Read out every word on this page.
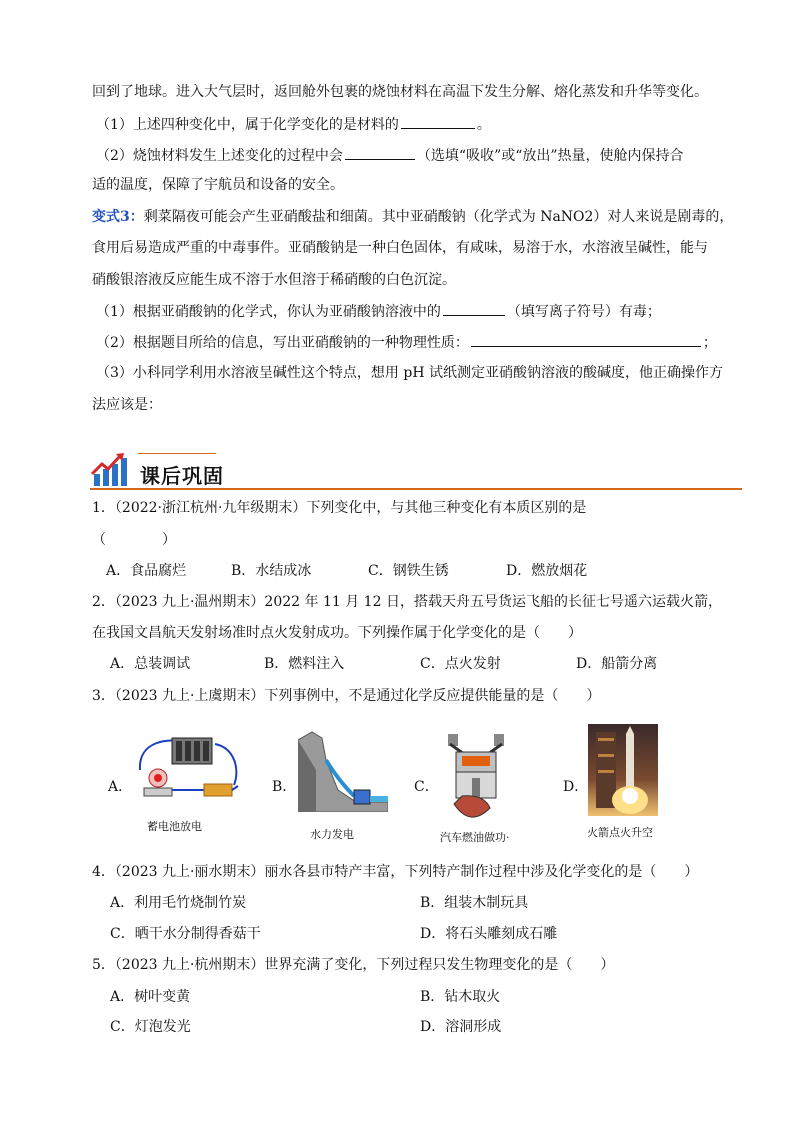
回到了地球。进入大气层时，返回舱外包裹的烧蚀材料在高温下发生分解、熔化蒸发和升华等变化。
（1）上述四种变化中，属于化学变化的是材料的	。
（2）烧蚀材料发生上述变化的过程中会	（选填“吸收”或“放出”热量，使舱内保持合
适的温度，保障了宇航员和设备的安全。
变式3：剩菜隔夜可能会产生亚硝酸盐和细菌。其中亚硝酸钠（化学式为 NaNO2）对人来说是剧毒的，
食用后易造成严重的中毒事件。亚硝酸钠是一种白色固体，有咸味，易溶于水，水溶液呈碱性，能与
硝酸银溶液反应能生成不溶于水但溶于稀硝酸的白色沉淀。
（1）根据亚硝酸钠的化学式，你认为亚硝酸钠溶液中的	（填写离子符号）有毒；
（2）根据题目所给的信息，写出亚硝酸钠的一种物理性质：	；
（3）小科同学利用水溶液呈碱性这个特点，想用 pH 试纸测定亚硝酸钠溶液的酸碱度，他正确操作方
法应该是：
课后巩固
1．（2022·浙江杭州·九年级期末）下列变化中，与其他三种变化有本质区别的是
（　　　　）
A．食品腐烂	B．水结成冰	C．钢铁生锈	D．燃放烟花
2．（2023 九上·温州期末）2022 年 11 月 12 日，搭载天舟五号货运飞船的长征七号遥六运载火箭，
在我国文昌航天发射场准时点火发射成功。下列操作属于化学变化的是（　　）
A．总装调试	B．燃料注入	C．点火发射	D．船箭分离
3．（2023 九上·上虞期末）下列事例中，不是通过化学反应提供能量的是（　　）
A．
蓄电池放电
B．
水力发电
C．
汽车燃油做功·
D．
火箭点火升空
4．（2023 九上·丽水期末）丽水各县市特产丰富，下列特产制作过程中涉及化学变化的是（　　）
A．利用毛竹烧制竹炭	B．组装木制玩具
C．晒干水分制得香菇干	D．将石头雕刻成石雕
5．（2023 九上·杭州期末）世界充满了变化，下列过程只发生物理变化的是（　　）
A．树叶变黄	B．钻木取火
C．灯泡发光	D．溶洞形成
